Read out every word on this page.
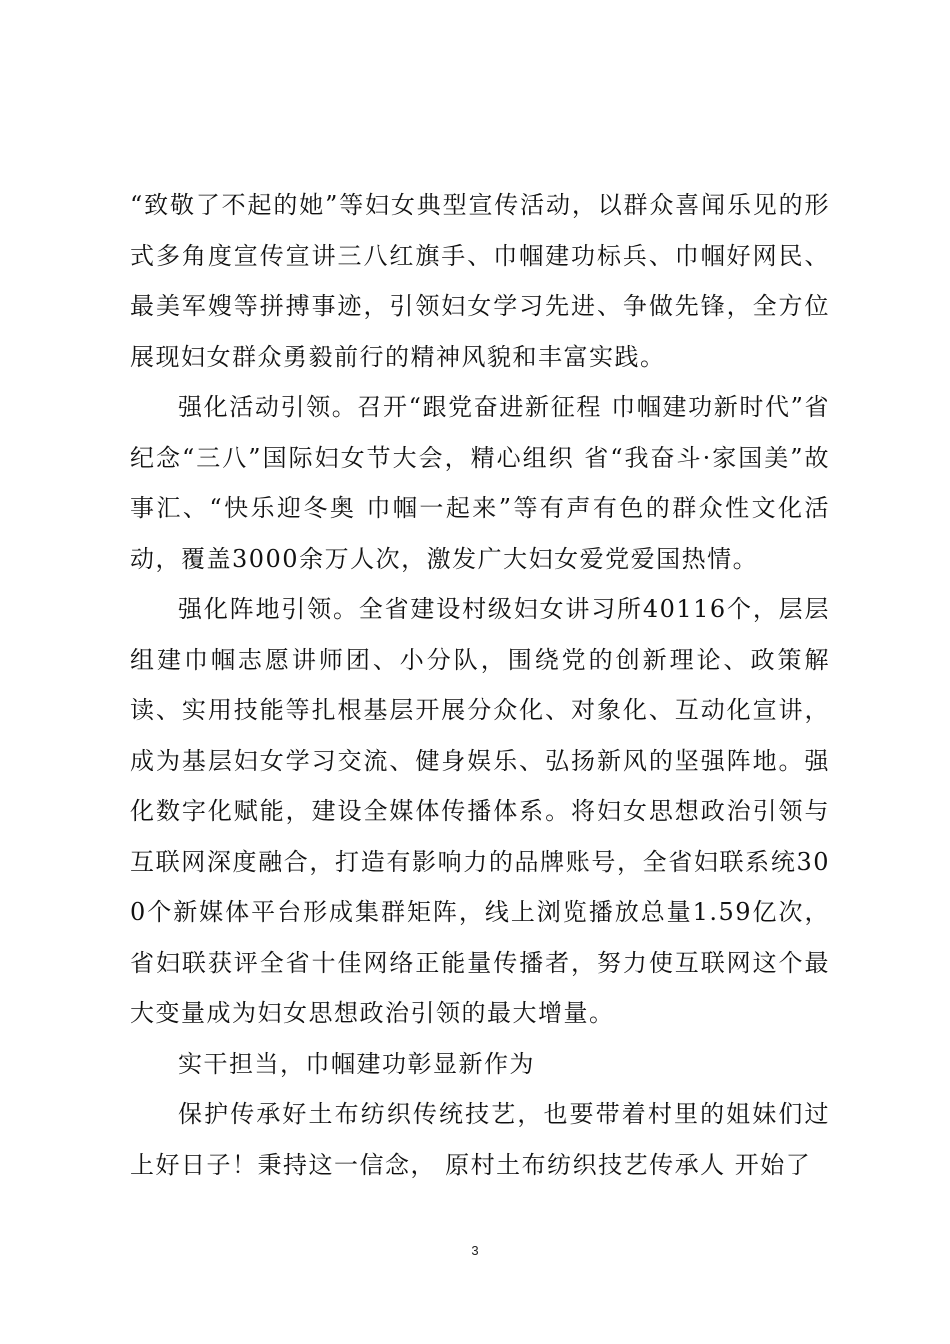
“致敬了不起的她”等妇女典型宣传活动，以群众喜闻乐见的形式多角度宣传宣讲三八红旗手、巾帼建功标兵、巾帼好网民、最美军嫂等拼搏事迹，引领妇女学习先进、争做先锋，全方位展现妇女群众勇毅前行的精神风貌和丰富实践。

强化活动引领。召开“跟党奋进新征程 巾帼建功新时代”省纪念“三八”国际妇女节大会，精心组织 省“我奋斗·家国美”故事汇、“快乐迎冬奥 巾帼一起来”等有声有色的群众性文化活动，覆盖3000余万人次，激发广大妇女爱党爱国热情。

强化阵地引领。全省建设村级妇女讲习所40116个，层层组建巾帼志愿讲师团、小分队，围绕党的创新理论、政策解读、实用技能等扎根基层开展分众化、对象化、互动化宣讲，成为基层妇女学习交流、健身娱乐、弘扬新风的坚强阵地。强化数字化赋能，建设全媒体传播体系。将妇女思想政治引领与互联网深度融合，打造有影响力的品牌账号，全省妇联系统300个新媒体平台形成集群矩阵，线上浏览播放总量1.59亿次，省妇联获评全省十佳网络正能量传播者，努力使互联网这个最大变量成为妇女思想政治引领的最大增量。

实干担当，巾帼建功彰显新作为

保护传承好土布纺织传统技艺，也要带着村里的姐妹们过上好日子！秉持这一信念， 原村土布纺织技艺传承人 开始了

3
